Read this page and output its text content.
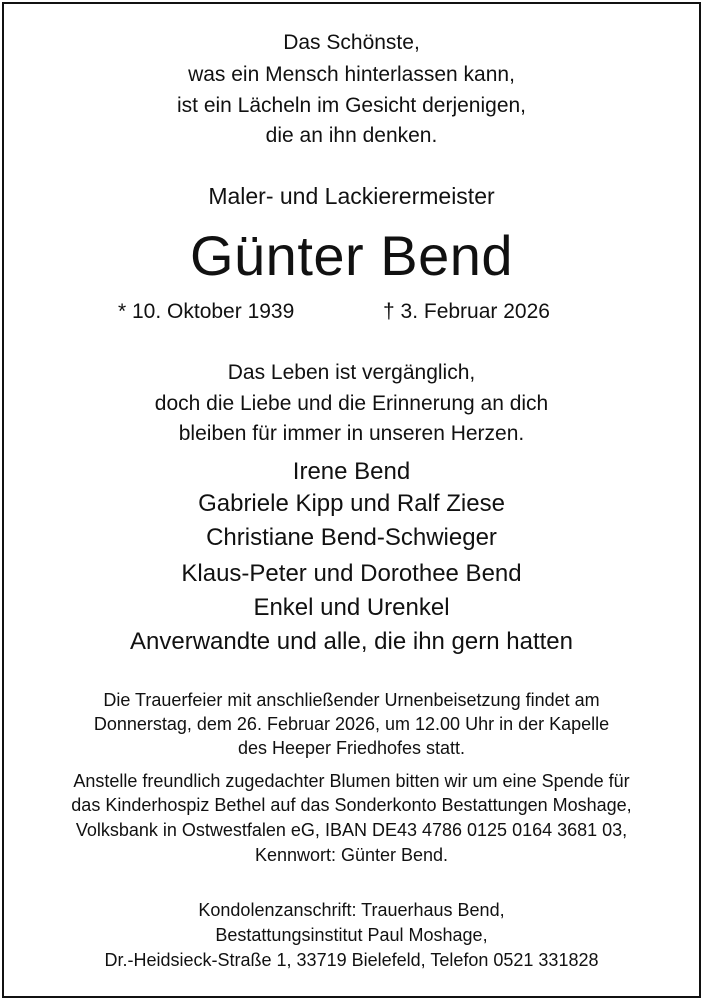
Das Schönste,
was ein Mensch hinterlassen kann,
ist ein Lächeln im Gesicht derjenigen,
die an ihn denken.
Maler- und Lackierermeister
Günter Bend
* 10. Oktober 1939	† 3. Februar 2026
Das Leben ist vergänglich,
doch die Liebe und die Erinnerung an dich
bleiben für immer in unseren Herzen.
Irene Bend
Gabriele Kipp und Ralf Ziese
Christiane Bend-Schwieger
Klaus-Peter und Dorothee Bend
Enkel und Urenkel
Anverwandte und alle, die ihn gern hatten
Die Trauerfeier mit anschließender Urnenbeisetzung findet am
Donnerstag, dem 26. Februar 2026, um 12.00 Uhr in der Kapelle
des Heeper Friedhofes statt.
Anstelle freundlich zugedachter Blumen bitten wir um eine Spende für
das Kinderhospiz Bethel auf das Sonderkonto Bestattungen Moshage,
Volksbank in Ostwestfalen eG, IBAN DE43 4786 0125 0164 3681 03,
Kennwort: Günter Bend.
Kondolenzanschrift: Trauerhaus Bend,
Bestattungsinstitut Paul Moshage,
Dr.-Heidsieck-Straße 1, 33719 Bielefeld, Telefon 0521 331828
